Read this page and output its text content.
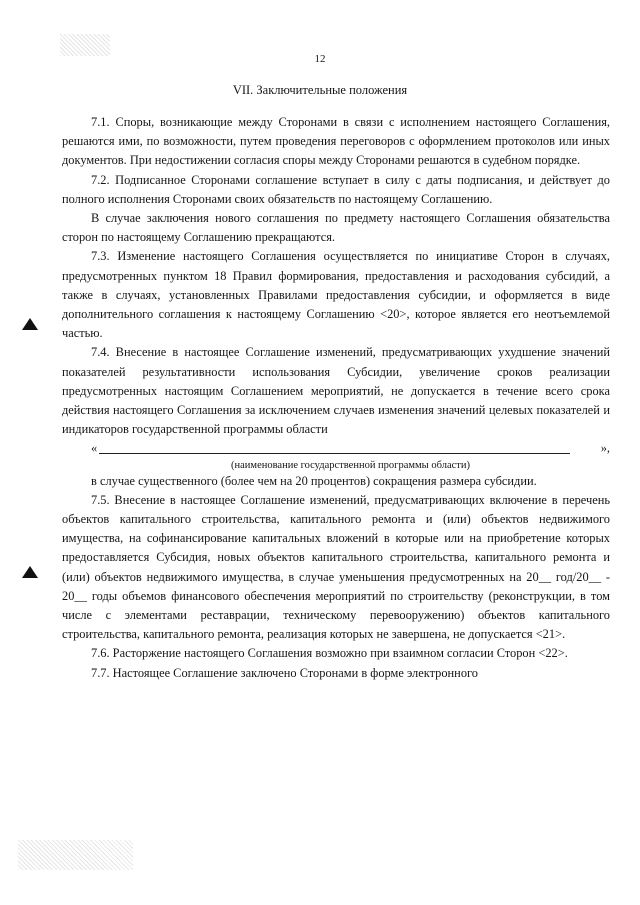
12
VII. Заключительные положения

7.1. Споры, возникающие между Сторонами в связи с исполнением настоящего Соглашения, решаются ими, по возможности, путем проведения переговоров с оформлением протоколов или иных документов. При недостижении согласия споры между Сторонами решаются в судебном порядке.

7.2. Подписанное Сторонами соглашение вступает в силу с даты подписания, и действует до полного исполнения Сторонами своих обязательств по настоящему Соглашению.

В случае заключения нового соглашения по предмету настоящего Соглашения обязательства сторон по настоящему Соглашению прекращаются.

7.3. Изменение настоящего Соглашения осуществляется по инициативе Сторон в случаях, предусмотренных пунктом 18 Правил формирования, предоставления и расходования субсидий, а также в случаях, установленных Правилами предоставления субсидии, и оформляется в виде дополнительного соглашения к настоящему Соглашению <20>, которое является его неотъемлемой частью.

7.4. Внесение в настоящее Соглашение изменений, предусматривающих ухудшение значений показателей результативности использования Субсидии, увеличение сроков реализации предусмотренных настоящим Соглашением мероприятий, не допускается в течение всего срока действия настоящего Соглашения за исключением случаев изменения значений целевых показателей и индикаторов государственной программы области

«	»,

(наименование государственной программы области)

в случае существенного (более чем на 20 процентов) сокращения размера субсидии.

7.5. Внесение в настоящее Соглашение изменений, предусматривающих включение в перечень объектов капитального строительства, капитального ремонта и (или) объектов недвижимого имущества, на софинансирование капитальных вложений в которые или на приобретение которых предоставляется Субсидия, новых объектов капитального строительства, капитального ремонта и (или) объектов недвижимого имущества, в случае уменьшения предусмотренных на 20__ год/20__ - 20__ годы объемов финансового обеспечения мероприятий по строительству (реконструкции, в том числе с элементами реставрации, техническому перевооружению) объектов капитального строительства, капитального ремонта, реализация которых не завершена, не допускается <21>.

7.6. Расторжение настоящего Соглашения возможно при взаимном согласии Сторон <22>.

7.7. Настоящее Соглашение заключено Сторонами в форме электронного
